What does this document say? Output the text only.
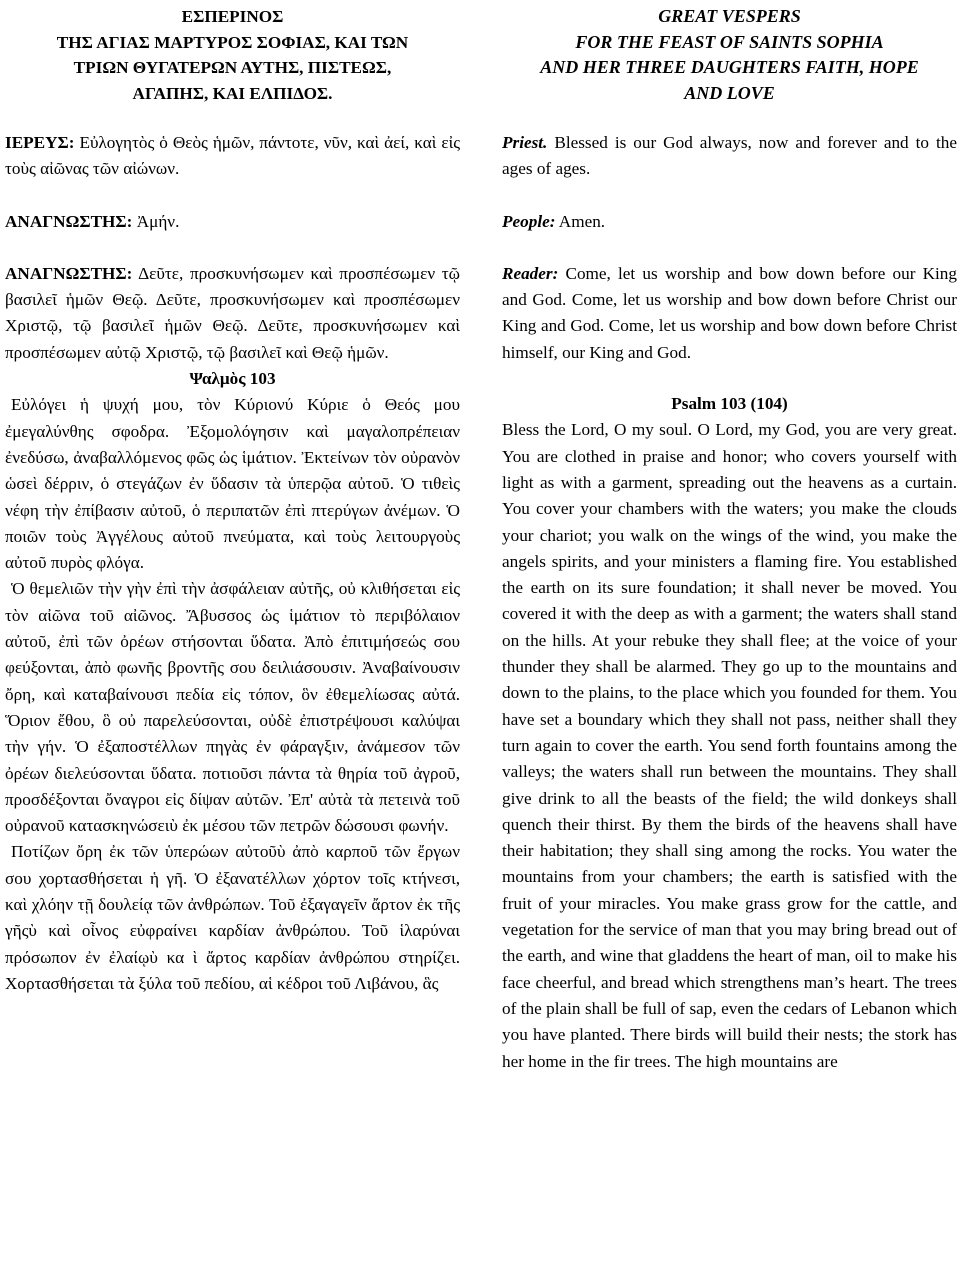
ΕΣΠΕΡΙΝΟΣ
ΤΗΣ ΑΓΙΑΣ ΜΑΡΤΥΡΟΣ ΣΟΦΙΑΣ, ΚΑΙ ΤΩΝ
ΤΡΙΩΝ ΘΥΓΑΤΕΡΩΝ ΑΥΤΗΣ, ΠΙΣΤΕΩΣ,
ΑΓΑΠΗΣ, ΚΑΙ ΕΛΠΙΔΟΣ.

ΙΕΡΕΥΣ: Εὐλογητὸς ὁ Θεὸς ἡμῶν, πάντοτε, νῦν, καὶ ἀεί, καὶ εἰς τοὺς αἰῶνας τῶν αἰώνων.

ΑΝΑΓΝΩΣΤΗΣ: Ἀμήν.

ΑΝΑΓΝΩΣΤΗΣ: Δεῦτε, προσκυνήσωμεν καὶ προσπέσωμεν τῷ βασιλεῖ ἡμῶν Θεῷ. Δεῦτε, προσκυνήσωμεν καὶ προσπέσωμεν Χριστῷ, τῷ βασιλεῖ ἡμῶν Θεῷ. Δεῦτε, προσκυνήσωμεν καὶ προσπέσωμεν αὐτῷ Χριστῷ, τῷ βασιλεῖ καὶ Θεῷ ἡμῶν.

Ψαλμὸς 103

Εὐλόγει ἡ ψυχή μου, τὸν Κύριονύ Κύριε ὁ Θεός μου ἐμεγαλύνθης σφοδρα. Ἐξομολόγησιν καὶ μαγαλοπρέπειαν ἐνεδύσω, ἀναβαλλόμενος φῶς ὡς ἱμάτιον. Ἐκτείνων τὸν οὐρανὸν ὡσεὶ δέρριν, ὁ στεγάζων ἐν ὕδασιν τὰ ὑπερῷα αὐτοῦ. Ὁ τιθεὶς νέφη τὴν ἐπίβασιν αὐτοῦ, ὁ περιπατῶν ἐπὶ πτερύγων ἀνέμων. Ὁ ποιῶν τοὺς Ἀγγέλους αὐτοῦ πνεύματα, καὶ τοὺς λειτουργοὺς αὐτοῦ πυρὸς φλόγα.

Ὁ θεμελιῶν τὴν γὴν ἐπὶ τὴν ἀσφάλειαν αὐτῆς, οὐ κλιθήσεται εἰς τὸν αἰῶνα τοῦ αἰῶνος. Ἄβυσσος ὡς ἱμάτιον τὸ περιβόλαιον αὐτοῦ, ἐπὶ τῶν ὀρέων στήσονται ὕδατα. Ἀπὸ ἐπιτιμήσεώς σου φεύξονται, ἀπὸ φωνῆς βροντῆς σου δειλιάσουσιν. Ἀναβαίνουσιν ὄρη, καὶ καταβαίνουσι πεδία εἰς τόπον, ὃν ἐθεμελίωσας αὐτά. Ὅριον ἔθου, ὃ οὐ παρελεύσονται, οὐδὲ ἐπιστρέψουσι καλύψαι τὴν γήν. Ὁ ἐξαποστέλλων πηγὰς ἐν φάραγξιν, ἀνάμεσον τῶν ὀρέων διελεύσονται ὕδατα. ποτιοῦσι πάντα τὰ θηρία τοῦ ἀγροῦ, προσδέξονται ὄναγροι εἰς δίψαν αὐτῶν. Ἐπ' αὐτὰ τὰ πετεινὰ τοῦ οὐρανοῦ κατασκηνώσειὺ ἐκ μέσου τῶν πετρῶν δώσουσι φωνήν.

Ποτίζων ὄρη ἐκ τῶν ὑπερώων αὐτοῦὺ ἀπὸ καρποῦ τῶν ἔργων σου χορτασθήσεται ἡ γῆ. Ὁ ἐξανατέλλων χόρτον τοῖς κτήνεσι, καὶ χλόην τῇ δουλείᾳ τῶν ἀνθρώπων. Τοῦ ἐξαγαγεῖν ἄρτον ἐκ τῆς γῆςὺ καὶ οἶνος εὐφραίνει καρδίαν ἀνθρώπου. Τοῦ ἱλαρύναι πρόσωπον ἐν ἐλαίῳὺ κα ὶ ἄρτος καρδίαν ἀνθρώπου στηρίζει. Χορτασθήσεται τὰ ξύλα τοῦ πεδίου, αἱ κέδροι τοῦ Λιβάνου, ἃς

GREAT VESPERS
FOR THE FEAST OF SAINTS SOPHIA
AND HER THREE DAUGHTERS FAITH, HOPE
AND LOVE

Priest. Blessed is our God always, now and forever and to the ages of ages.

People: Amen.

Reader: Come, let us worship and bow down before our King and God. Come, let us worship and bow down before Christ our King and God. Come, let us worship and bow down before Christ himself, our King and God.

Psalm 103 (104)

Bless the Lord, O my soul. O Lord, my God, you are very great. You are clothed in praise and honor; who covers yourself with light as with a garment, spreading out the heavens as a curtain. You cover your chambers with the waters; you make the clouds your chariot; you walk on the wings of the wind, you make the angels spirits, and your ministers a flaming fire. You established the earth on its sure foundation; it shall never be moved. You covered it with the deep as with a garment; the waters shall stand on the hills. At your rebuke they shall flee; at the voice of your thunder they shall be alarmed. They go up to the mountains and down to the plains, to the place which you founded for them. You have set a boundary which they shall not pass, neither shall they turn again to cover the earth. You send forth fountains among the valleys; the waters shall run between the mountains. They shall give drink to all the beasts of the field; the wild donkeys shall quench their thirst. By them the birds of the heavens shall have their habitation; they shall sing among the rocks. You water the mountains from your chambers; the earth is satisfied with the fruit of your miracles. You make grass grow for the cattle, and vegetation for the service of man that you may bring bread out of the earth, and wine that gladdens the heart of man, oil to make his face cheerful, and bread which strengthens man’s heart. The trees of the plain shall be full of sap, even the cedars of Lebanon which you have planted. There birds will build their nests; the stork has her home in the fir trees. The high mountains are
